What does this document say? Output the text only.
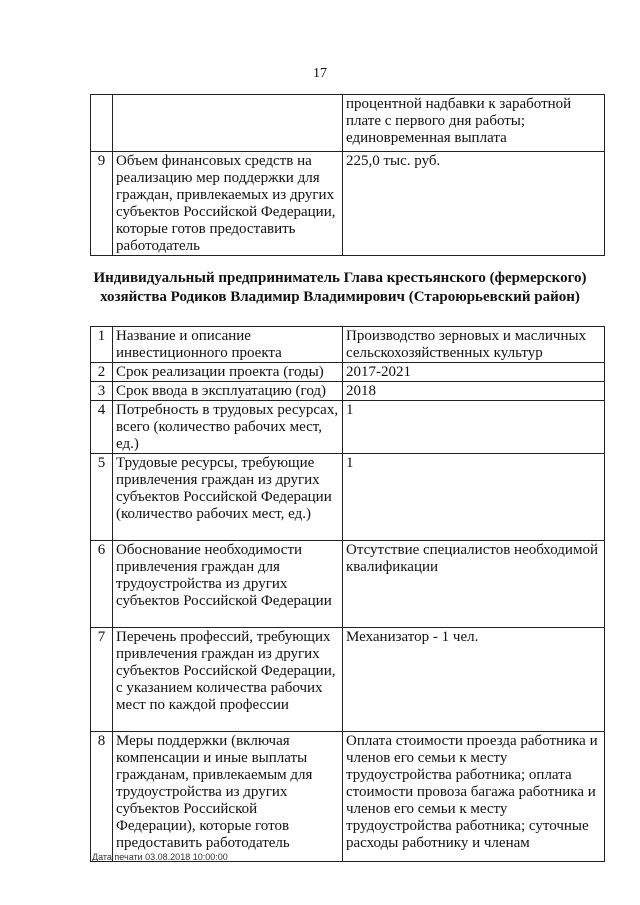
17
		процентной надбавки к заработной плате с первого дня работы; единовременная выплата
9	Объем финансовых средств на реализацию мер поддержки для граждан, привлекаемых из других субъектов Российской Федерации, которые готов предоставить работодатель	225,0 тыс. руб.
Индивидуальный предприниматель Глава крестьянского (фермерского) хозяйства Родиков Владимир Владимирович (Староюрьевский район)
1	Название и описание инвестиционного проекта	Производство зерновых и масличных сельскохозяйственных культур
2	Срок реализации проекта (годы)	2017-2021
3	Срок ввода в эксплуатацию (год)	2018
4	Потребность в трудовых ресурсах, всего (количество рабочих мест, ед.)	1
5	Трудовые ресурсы, требующие привлечения граждан из других субъектов Российской Федерации (количество рабочих мест, ед.)	1
6	Обоснование необходимости привлечения граждан для трудоустройства из других субъектов Российской Федерации	Отсутствие специалистов необходимой квалификации
7	Перечень профессий, требующих привлечения граждан из других субъектов Российской Федерации, с указанием количества рабочих мест по каждой профессии	Механизатор - 1 чел.
8	Меры поддержки (включая компенсации и иные выплаты гражданам, привлекаемым для трудоустройства из других субъектов Российской Федерации), которые готов предоставить работодатель	Оплата стоимости проезда работника и членов его семьи к месту трудоустройства работника; оплата стоимости провоза багажа работника и членов его семьи к месту трудоустройства работника; суточные расходы работнику и членам
Дата печати 03.08.2018 10:00:00
